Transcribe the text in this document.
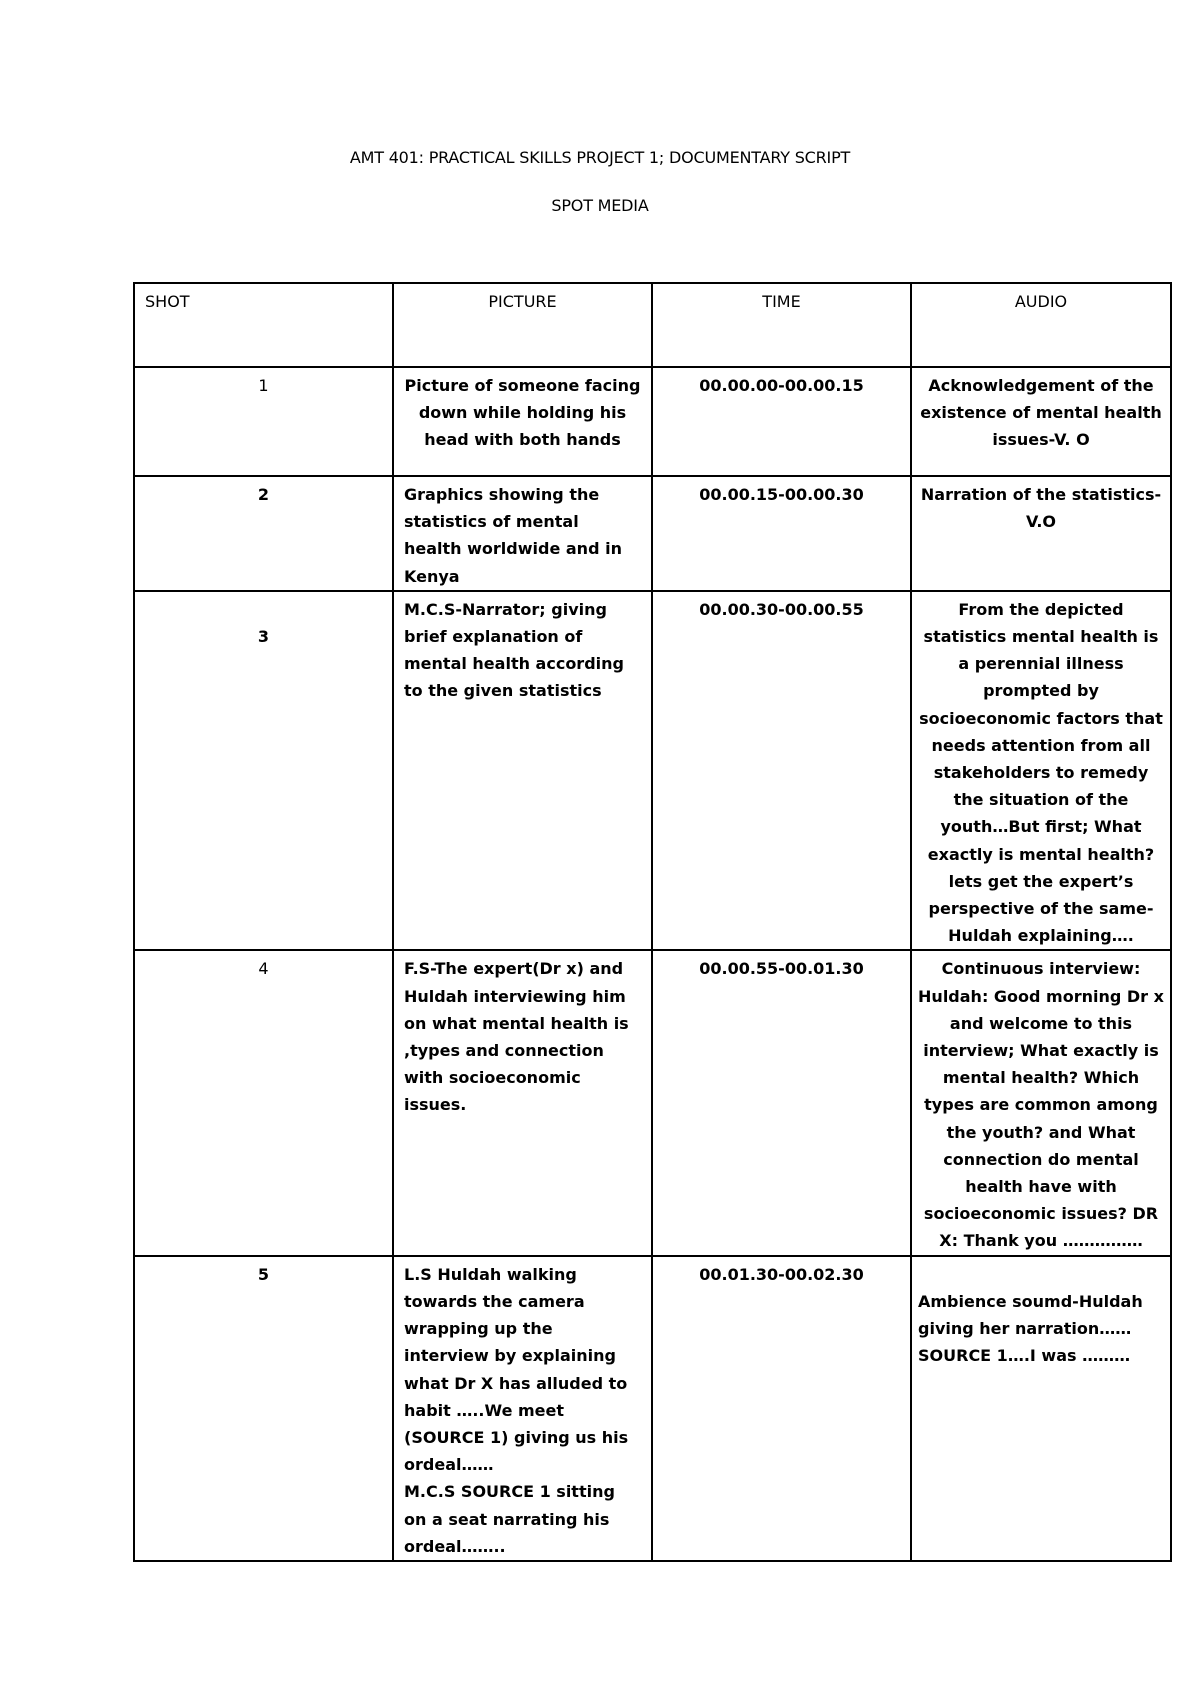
AMT 401: PRACTICAL SKILLS PROJECT 1; DOCUMENTARY SCRIPT
SPOT MEDIA
SHOT	PICTURE	TIME	AUDIO
1	Picture of someone facing down while holding his head with both hands	00.00.00-00.00.15	Acknowledgement of the existence of mental health issues-V. O
2	Graphics showing the statistics of mental health worldwide and in Kenya	00.00.15-00.00.30	Narration of the statistics-V.O
3	M.C.S-Narrator; giving brief explanation of mental health according to the given statistics	00.00.30-00.00.55	From the depicted statistics mental health is a perennial illness prompted by socioeconomic factors that needs attention from all stakeholders to remedy the situation of the youth…But first; What exactly is mental health? lets get the expert’s perspective of the same-Huldah explaining….
4	F.S-The expert(Dr x) and Huldah interviewing him on what mental health is ,types and connection with socioeconomic issues.	00.00.55-00.01.30	Continuous interview: Huldah: Good morning Dr x and welcome to this interview; What exactly is mental health? Which types are common among the youth? and What connection do mental health have with socioeconomic issues? DR X: Thank you ……………
5	L.S Huldah walking towards the camera wrapping up the interview by explaining what Dr X has alluded to habit …..We meet (SOURCE 1) giving us his ordeal……
M.C.S SOURCE 1 sitting on a seat narrating his ordeal……..	00.01.30-00.02.30	Ambience soumd-Huldah giving her narration…… SOURCE 1….I was ………
